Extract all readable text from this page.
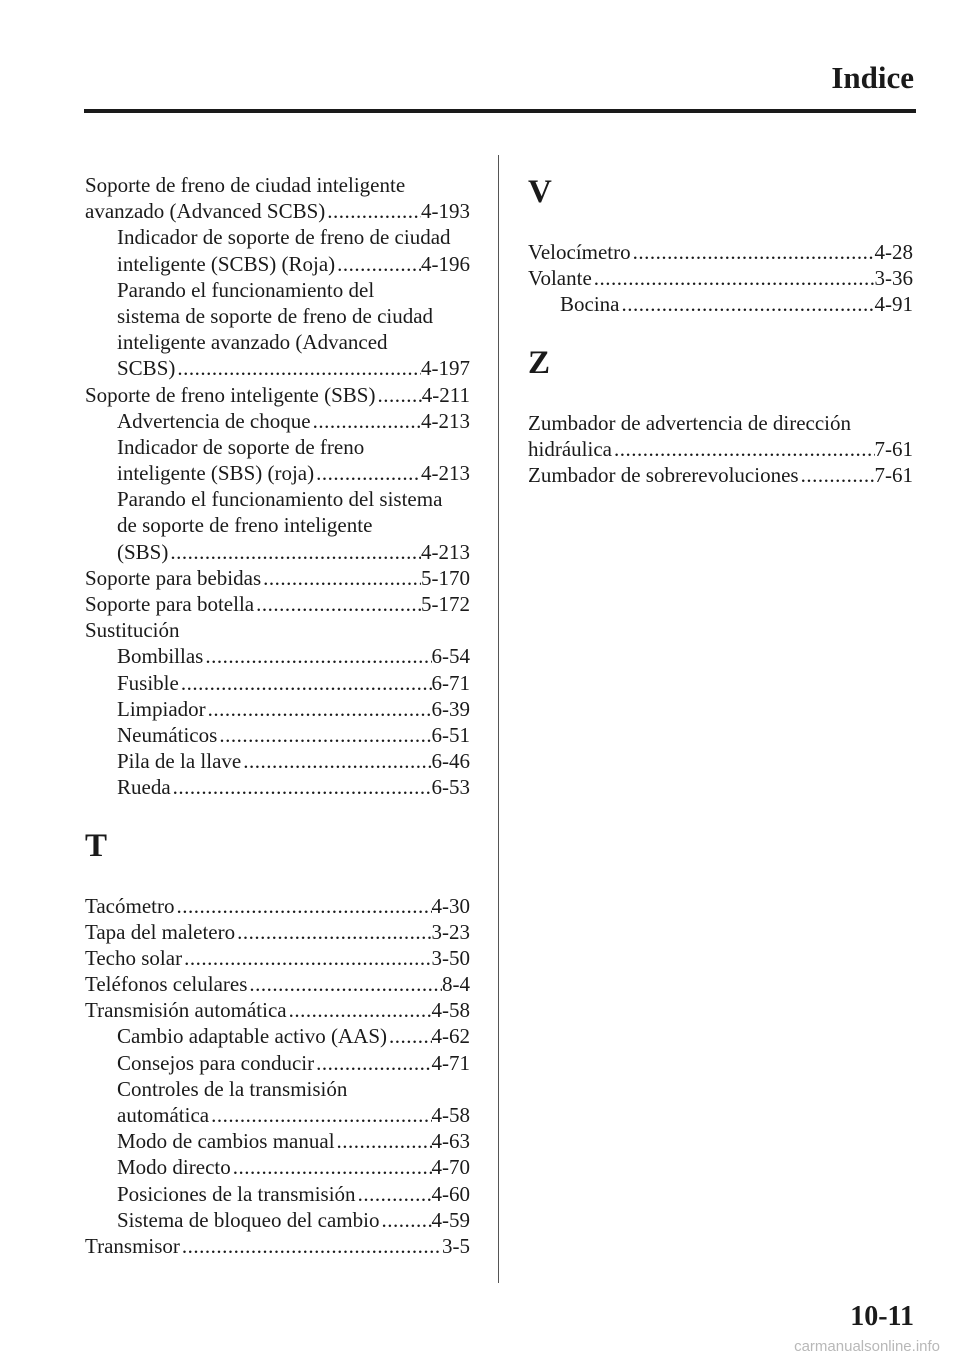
Indice
Soporte de freno de ciudad inteligente
avanzado (Advanced SCBS) .....	4-193
Indicador de soporte de freno de ciudad
inteligente (SCBS) (Roja) .....	4-196
Parando el funcionamiento del
sistema de soporte de freno de ciudad
inteligente avanzado (Advanced
SCBS) .....	4-197
Soporte de freno inteligente (SBS) ..... 4-211
Advertencia de choque .....	4-213
Indicador de soporte de freno
inteligente (SBS) (roja) .....	4-213
Parando el funcionamiento del sistema
de soporte de freno inteligente
(SBS) .....	4-213
Soporte para bebidas .....	5-170
Soporte para botella .....	5-172
Sustitución
Bombillas .....	6-54
Fusible .....	6-71
Limpiador .....	6-39
Neumáticos .....	6-51
Pila de la llave .....	6-46
Rueda .....	6-53
T
Tacómetro .....	4-30
Tapa del maletero .....	3-23
Techo solar .....	3-50
Teléfonos celulares .....	8-4
Transmisión automática .....	4-58
Cambio adaptable activo (AAS) ..... 4-62
Consejos para conducir .....	4-71
Controles de la transmisión
automática .....	4-58
Modo de cambios manual .....	4-63
Modo directo .....	4-70
Posiciones de la transmisión .....	4-60
Sistema de bloqueo del cambio ..... 4-59
Transmisor .....	3-5
V
Velocímetro .....	4-28
Volante .....	3-36
Bocina .....	4-91
Z
Zumbador de advertencia de dirección
hidráulica .....	7-61
Zumbador de sobrerevoluciones .....	7-61
10-11
carmanualsonline.info
